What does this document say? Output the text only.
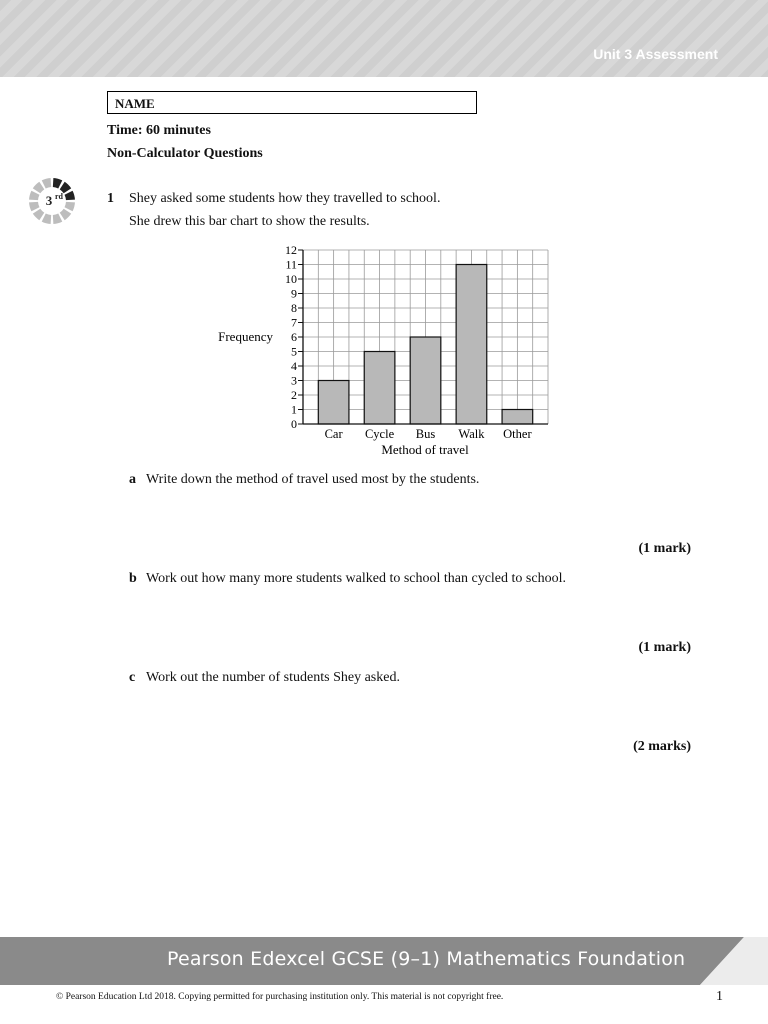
Unit 3 Assessment
NAME
Time: 60 minutes
Non-Calculator Questions
3 rd	1 Shey asked some students how they travelled to school.
She drew this bar chart to show the results.
0
1
2
3
4
5
6
7
8
9
10
11
12
Car Cycle Bus Walk Other
Frequency
Method of travel
a Write down the method of travel used most by the students.
(1 mark)
b Work out how many more students walked to school than cycled to school.
(1 mark)
c Work out the number of students Shey asked.
(2 marks)
Pearson Edexcel GCSE (9–1) Mathematics Foundation
© Pearson Education Ltd 2018. Copying permitted for purchasing institution only. This material is not copyright free.	1
